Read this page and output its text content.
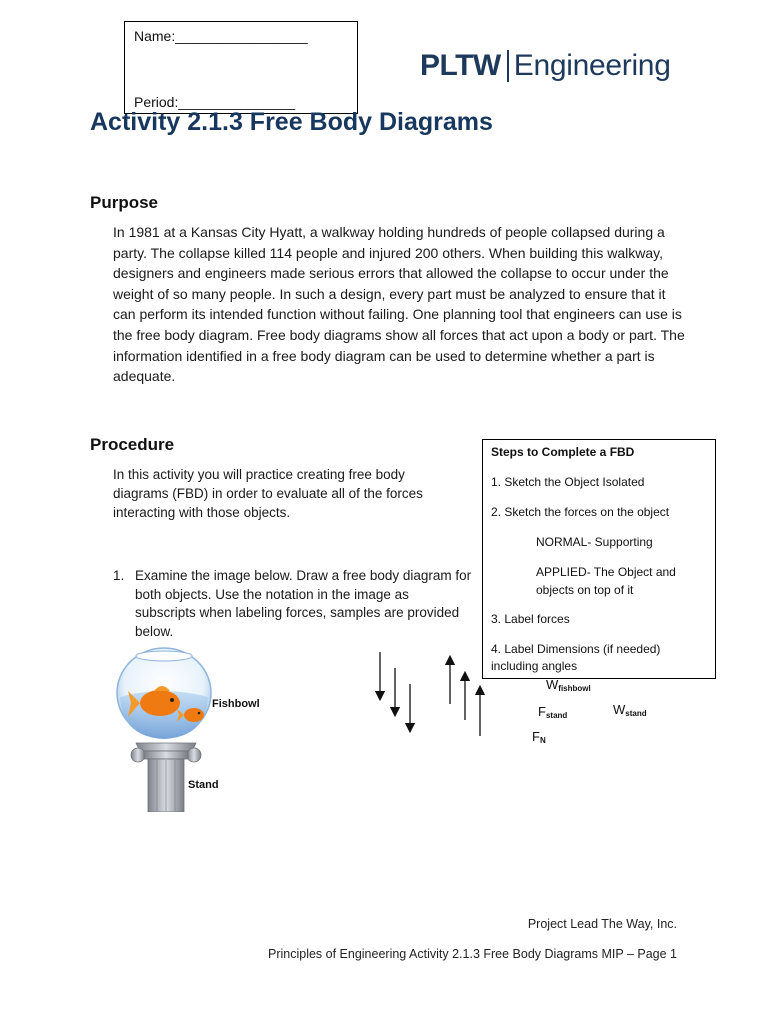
Name:_________________
Period:_______________
PLTW Engineering
Activity 2.1.3 Free Body Diagrams
Purpose

In 1981 at a Kansas City Hyatt, a walkway holding hundreds of people collapsed during a party. The collapse killed 114 people and injured 200 others. When building this walkway, designers and engineers made serious errors that allowed the collapse to occur under the weight of so many people. In such a design, every part must be analyzed to ensure that it can perform its intended function without failing. One planning tool that engineers can use is the free body diagram. Free body diagrams show all forces that act upon a body or part. The information identified in a free body diagram can be used to determine whether a part is adequate.

Procedure

In this activity you will practice creating free body diagrams (FBD) in order to evaluate all of the forces interacting with those objects.

1. Examine the image below. Draw a free body diagram for both objects. Use the notation in the image as subscripts when labeling forces, samples are provided below.
Steps to Complete a FBD
1. Sketch the Object Isolated
2. Sketch the forces on the object
NORMAL- Supporting
APPLIED- The Object and
objects on top of it
3. Label forces
4. Label Dimensions (if needed)
including angles
Fishbowl
Stand
$W_{fishbowl}$
$F_{stand}$	$W_{stand}$
$F_N$
Project Lead The Way, Inc.
Principles of Engineering Activity 2.1.3 Free Body Diagrams MIP – Page 1
